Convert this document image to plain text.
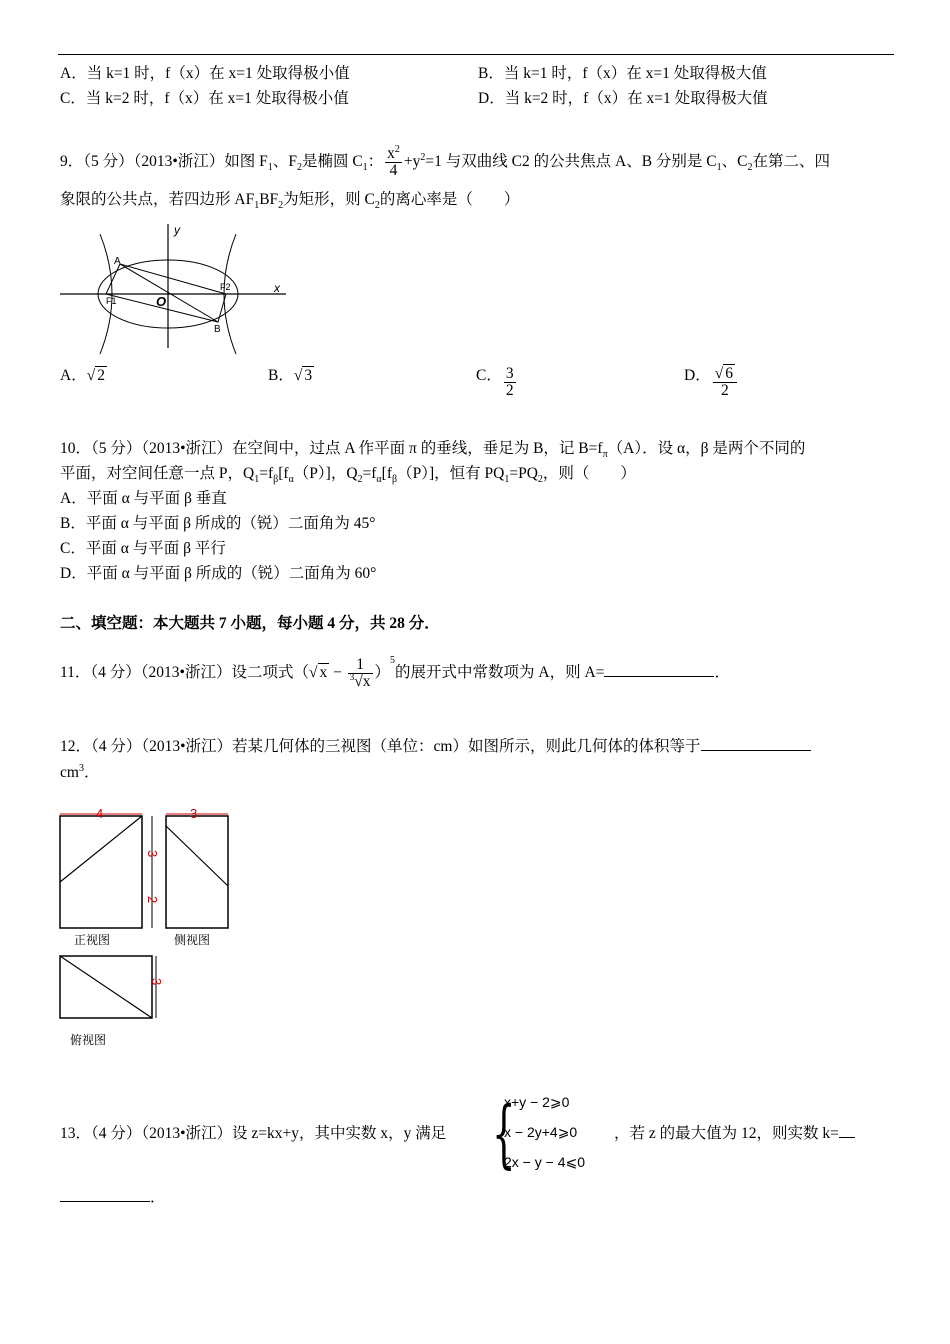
A．当 k=1 时，f（x）在 x=1 处取得极小值	B．当 k=1 时，f（x）在 x=1 处取得极大值
C．当 k=2 时，f（x）在 x=1 处取得极小值	D．当 k=2 时，f（x）在 x=1 处取得极大值
9．（5 分）（2013•浙江）如图 $F_1$、$F_2$是椭圆 $C_1$： $\frac{x^2}{4} +y^2=1$ 与双曲线 C2 的公共焦点 A、B 分别是 $C_1$、$C_2$在第二、四
象限的公共点，若四边形 $AF_1BF_2$为矩形，则 $C_2$的离心率是（　　）
y
x
O
A
B
F1
F2
A．√ 2	B．√ 3	C． $\frac{3}{2}$	D． $\frac{√ 6}{2}$
10．（5 分）（2013•浙江）在空间中，过点 A 作平面 π 的垂线，垂足为 B，记 $B=f_\pi(A)$．设 α，β 是两个不同的
平面，对空间任意一点 P，$Q_1=f_\beta[f_\alpha(P)]$，$Q_2=f_\alpha[f_\beta(P)]$，恒有 $PQ_1=PQ_2$，则（　　）
A．平面 α 与平面 β 垂直
B．平面 α 与平面 β 所成的（锐）二面角为 45°
C．平面 α 与平面 β 平行
D．平面 α 与平面 β 所成的（锐）二面角为 60°
二、填空题：本大题共 7 小题，每小题 4 分，共 28 分．
11．（4 分）（2013•浙江）设二项式（√ $x - \frac{1}{^3√x} )^5$的展开式中常数项为 A，则 A=	．
12．（4 分）（2013•浙江）若某几何体的三视图（单位：cm）如图所示，则此几何体的体积等于
$cm^3$．
4
3
2
正视图
3
侧视图
3
俯视图
13．（4 分）（2013•浙江）设 z=kx+y，其中实数 x，y 满足 {
x+y − 2⩾0
x − 2y+4⩾0
2x − y − 4⩽0
，若 z 的最大值为 12，则实数 k=
．
